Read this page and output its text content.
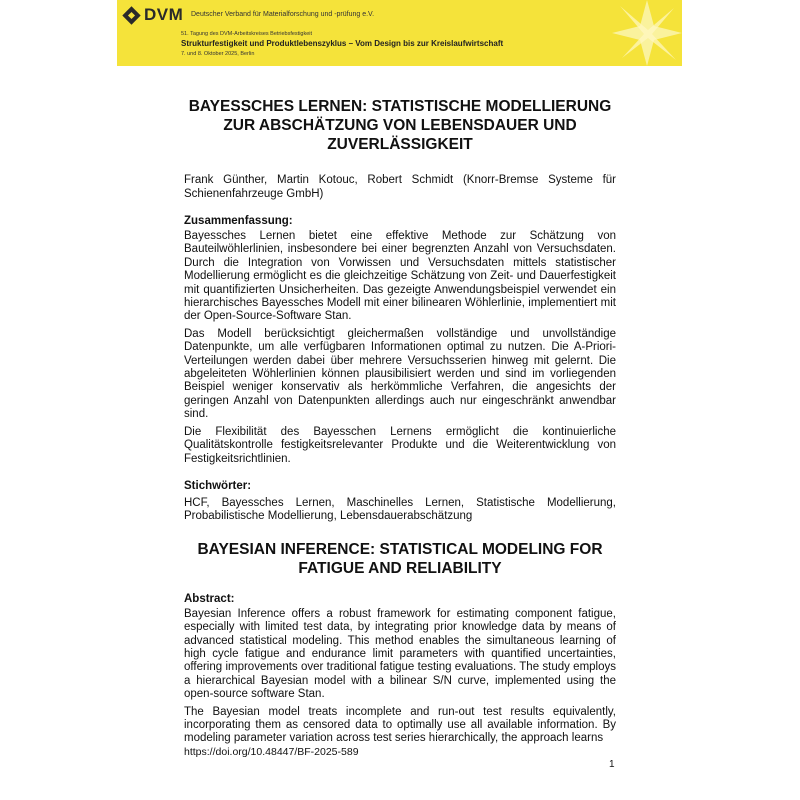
DVM Deutscher Verband für Materialforschung und -prüfung e.V.
51. Tagung des DVM-Arbeitskreises Betriebsfestigkeit
Strukturfestigkeit und Produktlebenszyklus – Vom Design bis zur Kreislaufwirtschaft
7. und 8. Oktober 2025, Berlin
BAYESSCHES LERNEN: STATISTISCHE MODELLIERUNG ZUR ABSCHÄTZUNG VON LEBENSDAUER UND ZUVERLÄSSIGKEIT
Frank Günther, Martin Kotouc, Robert Schmidt (Knorr-Bremse Systeme für Schienenfahrzeuge GmbH)
Zusammenfassung:

Bayessches Lernen bietet eine effektive Methode zur Schätzung von Bauteilwöhlerlinien, insbesondere bei einer begrenzten Anzahl von Versuchsdaten. Durch die Integration von Vorwissen und Versuchsdaten mittels statistischer Modellierung ermöglicht es die gleichzeitige Schätzung von Zeit- und Dauerfestigkeit mit quantifizierten Unsicherheiten. Das gezeigte Anwendungsbeispiel verwendet ein hierarchisches Bayessches Modell mit einer bilinearen Wöhlerlinie, implementiert mit der Open-Source-Software Stan.

Das Modell berücksichtigt gleichermaßen vollständige und unvollständige Datenpunkte, um alle verfügbaren Informationen optimal zu nutzen. Die A-Priori-Verteilungen werden dabei über mehrere Versuchsserien hinweg mit gelernt. Die abgeleiteten Wöhlerlinien können plausibilisiert werden und sind im vorliegenden Beispiel weniger konservativ als herkömmliche Verfahren, die angesichts der geringen Anzahl von Datenpunkten allerdings auch nur eingeschränkt anwendbar sind.

Die Flexibilität des Bayesschen Lernens ermöglicht die kontinuierliche Qualitätskontrolle festigkeitsrelevanter Produkte und die Weiterentwicklung von Festigkeitsrichtlinien.

Stichwörter:

HCF, Bayessches Lernen, Maschinelles Lernen, Statistische Modellierung, Probabilistische Modellierung, Lebensdauerabschätzung

BAYESIAN INFERENCE: STATISTICAL MODELING FOR FATIGUE AND RELIABILITY
Abstract:

Bayesian Inference offers a robust framework for estimating component fatigue, especially with limited test data, by integrating prior knowledge data by means of advanced statistical modeling. This method enables the simultaneous learning of high cycle fatigue and endurance limit parameters with quantified uncertainties, offering improvements over traditional fatigue testing evaluations. The study employs a hierarchical Bayesian model with a bilinear S/N curve, implemented using the open-source software Stan.

The Bayesian model treats incomplete and run-out test results equivalently, incorporating them as censored data to optimally use all available information. By modeling parameter variation across test series hierarchically, the approach learns

https://doi.org/10.48447/BF-2025-589
1
